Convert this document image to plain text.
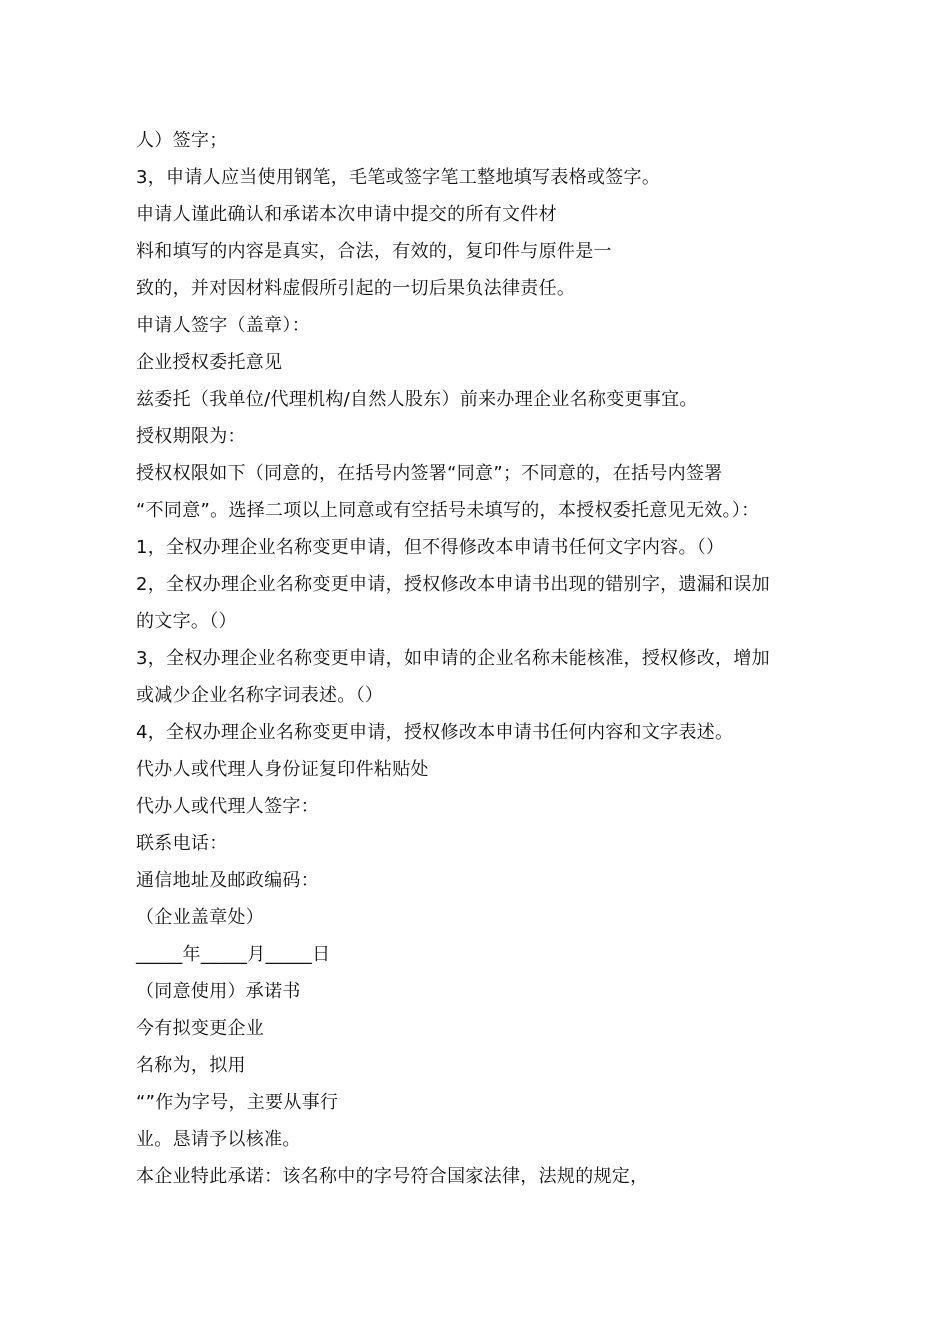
人）签字；
3，申请人应当使用钢笔，毛笔或签字笔工整地填写表格或签字。
申请人谨此确认和承诺本次申请中提交的所有文件材
料和填写的内容是真实，合法，有效的，复印件与原件是一
致的，并对因材料虚假所引起的一切后果负法律责任。
申请人签字（盖章）：
企业授权委托意见
兹委托（我单位/代理机构/自然人股东）前来办理企业名称变更事宜。
授权期限为：
授权权限如下（同意的，在括号内签署“同意”；不同意的，在括号内签署
“不同意”。选择二项以上同意或有空括号未填写的，本授权委托意见无效。）：
1，全权办理企业名称变更申请，但不得修改本申请书任何文字内容。（）
2，全权办理企业名称变更申请，授权修改本申请书出现的错别字，遗漏和误加
的文字。（）
3，全权办理企业名称变更申请，如申请的企业名称未能核准，授权修改，增加
或减少企业名称字词表述。（）
4，全权办理企业名称变更申请，授权修改本申请书任何内容和文字表述。
代办人或代理人身份证复印件粘贴处
代办人或代理人签字：
联系电话：
通信地址及邮政编码：
（企业盖章处）
_____年_____月_____日
（同意使用）承诺书
今有拟变更企业
名称为，拟用
“”作为字号，主要从事行
业。恳请予以核准。
本企业特此承诺：该名称中的字号符合国家法律，法规的规定，
